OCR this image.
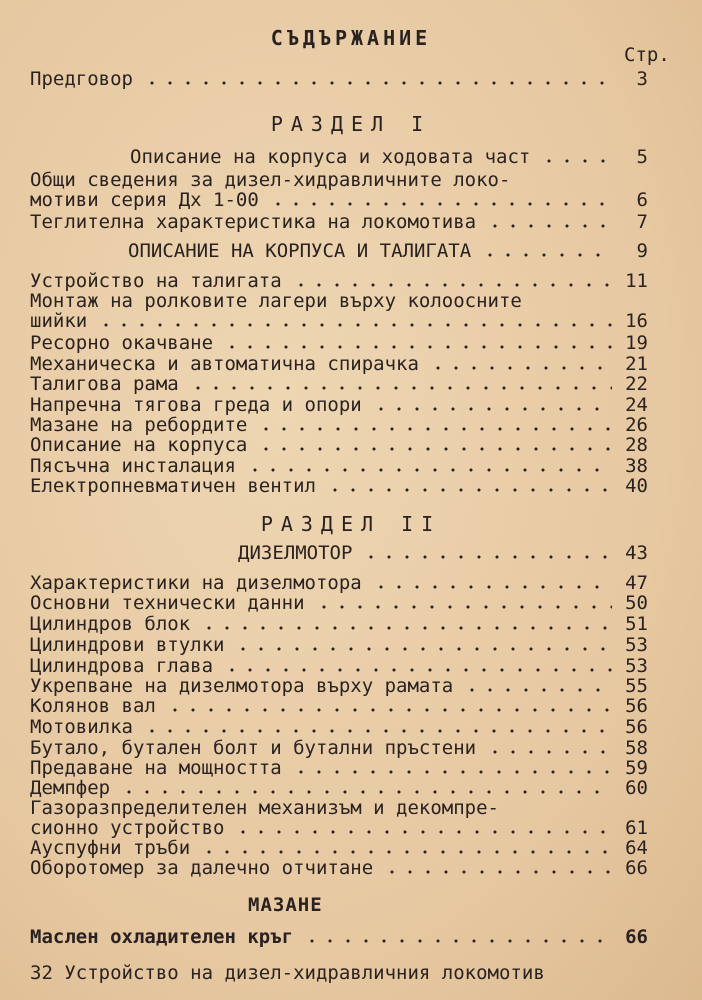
СЪДЪРЖАНИЕ
Стр.
Предговор	3
РАЗДЕЛ I
Описание на корпуса и ходовата част	5
Общи сведения за дизел-хидравличните локо-
мотиви серия Дх 1-00	6
Теглителна характеристика на локомотива	7
ОПИСАНИЕ НА КОРПУСА И ТАЛИГАТА	9
Устройство на талигата	11
Монтаж на ролковите лагери върху колоосните
шийки	16
Ресорно окачване	19
Механическа и автоматична спирачка	21
Талигова рама	22
Напречна тягова греда и опори	24
Мазане на ребордите	26
Описание на корпуса	28
Пясъчна инсталация	38
Електропневматичен вентил	40
РАЗДЕЛ II
ДИЗЕЛМОТОР	43
Характеристики на дизелмотора	47
Основни технически данни	50
Цилиндров блок	51
Цилиндрови втулки	53
Цилиндрова глава	53
Укрепване на дизелмотора върху рамата	55
Колянов вал	56
Мотовилка	56
Бутало, бутален болт и бутални пръстени	58
Предаване на мощността	59
Демпфер	60
Газоразпределителен механизъм и декомпре-
сионно устройство	61
Ауспуфни тръби	64
Оборотомер за далечно отчитане	66
МАЗАНЕ
Маслен охладителен кръг	66
32 Устройство на дизел-хидравличния локомотив
